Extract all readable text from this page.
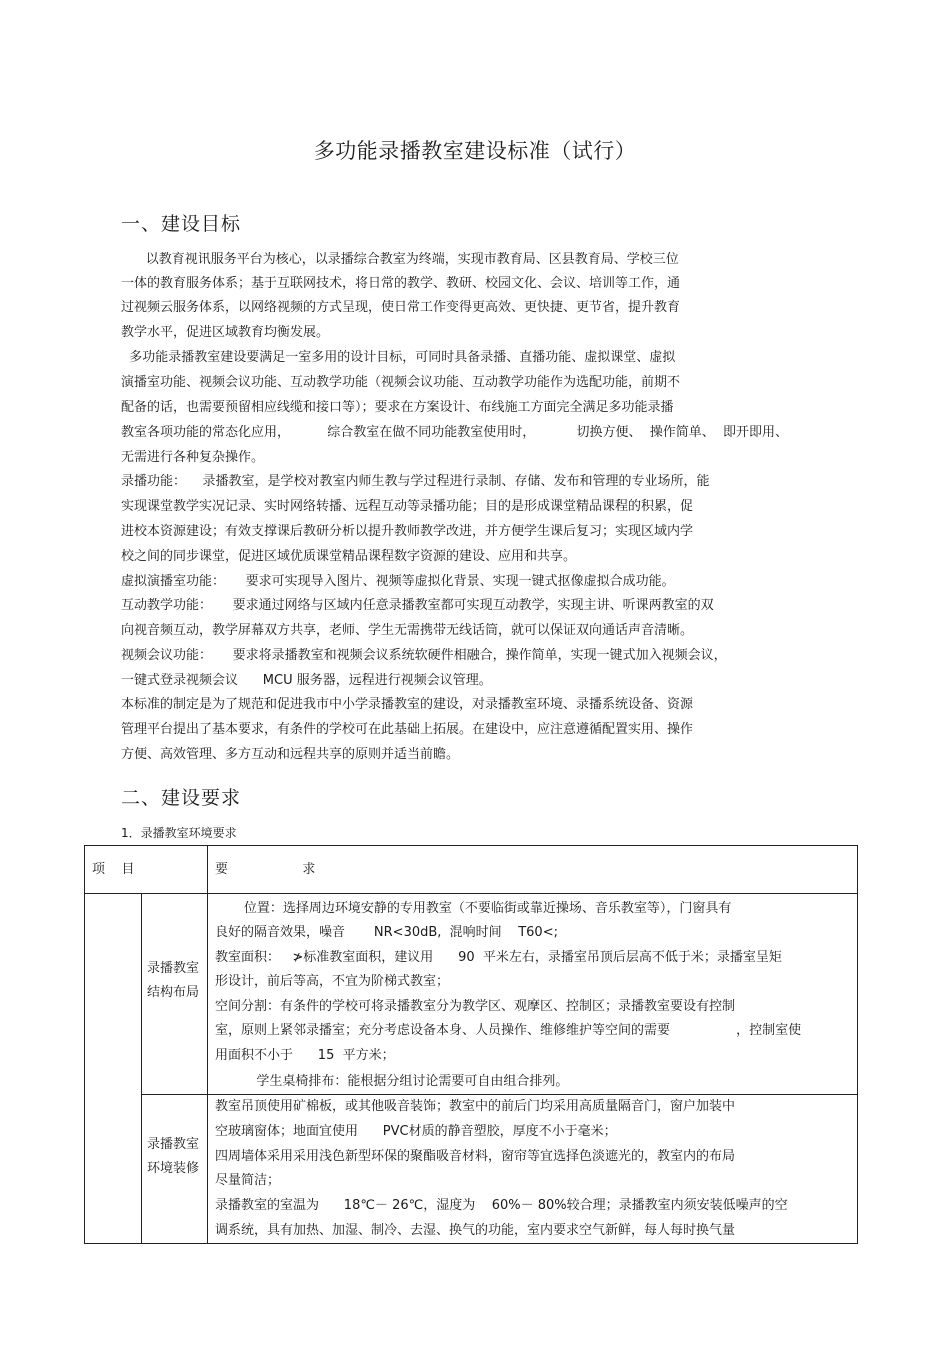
多功能录播教室建设标准（试行）
一、建设目标
以教育视讯服务平台为核心，以录播综合教室为终端，实现市教育局、区县教育局、学校三位
一体的教育服务体系；基于互联网技术，将日常的教学、教研、校园文化、会议、培训等工作，通
过视频云服务体系，以网络视频的方式呈现，使日常工作变得更高效、更快捷、更节省，提升教育
教学水平，促进区域教育均衡发展。
多功能录播教室建设要满足一室多用的设计目标，可同时具备录播、直播功能、虚拟课堂、虚拟
演播室功能、视频会议功能、互动教学功能（视频会议功能、互动教学功能作为选配功能，前期不
配备的话，也需要预留相应线缆和接口等）；要求在方案设计、布线施工方面完全满足多功能录播
教室各项功能的常态化应用，         综合教室在做不同功能教室使用时，          切换方便、  操作简单、  即开即用、
无需进行各种复杂操作。
录播功能：    录播教室，是学校对教室内师生教与学过程进行录制、存储、发布和管理的专业场所，能
实现课堂教学实况记录、实时网络转播、远程互动等录播功能；目的是形成课堂精品课程的积累，促
进校本资源建设；有效支撑课后教研分析以提升教师教学改进，并方便学生课后复习；实现区域内学
校之间的同步课堂，促进区域优质课堂精品课程数字资源的建设、应用和共享。
虚拟演播室功能：     要求可实现导入图片、视频等虚拟化背景、实现一键式抠像虚拟合成功能。
互动教学功能：     要求通过网络与区域内任意录播教室都可实现互动教学，实现主讲、听课两教室的双
向视音频互动，教学屏幕双方共享，老师、学生无需携带无线话筒，就可以保证双向通话声音清晰。
视频会议功能：     要求将录播教室和视频会议系统软硬件相融合，操作简单，实现一键式加入视频会议，
一键式登录视频会议      MCU 服务器，远程进行视频会议管理。
本标准的制定是为了规范和促进我市中小学录播教室的建设，对录播教室环境、录播系统设备、资源
管理平台提出了基本要求，有条件的学校可在此基础上拓展。在建设中，应注意遵循配置实用、操作
方便、高效管理、多方互动和远程共享的原则并适当前瞻。
二、建设要求
1．录播教室环境要求
项    目	要                  求
录播教室结构布局
位置：选择周边环境安静的专用教室（不要临街或靠近操场、音乐教室等），门窗具有
良好的隔音效果，噪音       NR<30dB,  混响时间    T60<;
教室面积：   ≯标准教室面积，建议用      90  平米左右，录播室吊顶后层高不低于米；录播室呈矩
形设计，前后等高，不宜为阶梯式教室；
空间分割：有条件的学校可将录播教室分为教学区、观摩区、控制区；录播教室要设有控制
室，原则上紧邻录播室；充分考虑设备本身、人员操作、维修维护等空间的需要                ，控制室使
用面积不小于      15  平方米；
学生桌椅排布：能根据分组讨论需要可自由组合排列。
录播教室环境装修
教室吊顶使用矿棉板，或其他吸音装饰；教室中的前后门均采用高质量隔音门，窗户加装中
空玻璃窗体；地面宜使用      PVC材质的静音塑胶，厚度不小于毫米；
四周墙体采用采用浅色新型环保的聚酯吸音材料，窗帘等宜选择色淡遮光的，教室内的布局
尽量简洁；
录播教室的室温为      18℃－ 26℃，湿度为    60%－ 80%较合理；录播教室内须安装低噪声的空
调系统，具有加热、加湿、制冷、去湿、换气的功能，室内要求空气新鲜，每人每时换气量
